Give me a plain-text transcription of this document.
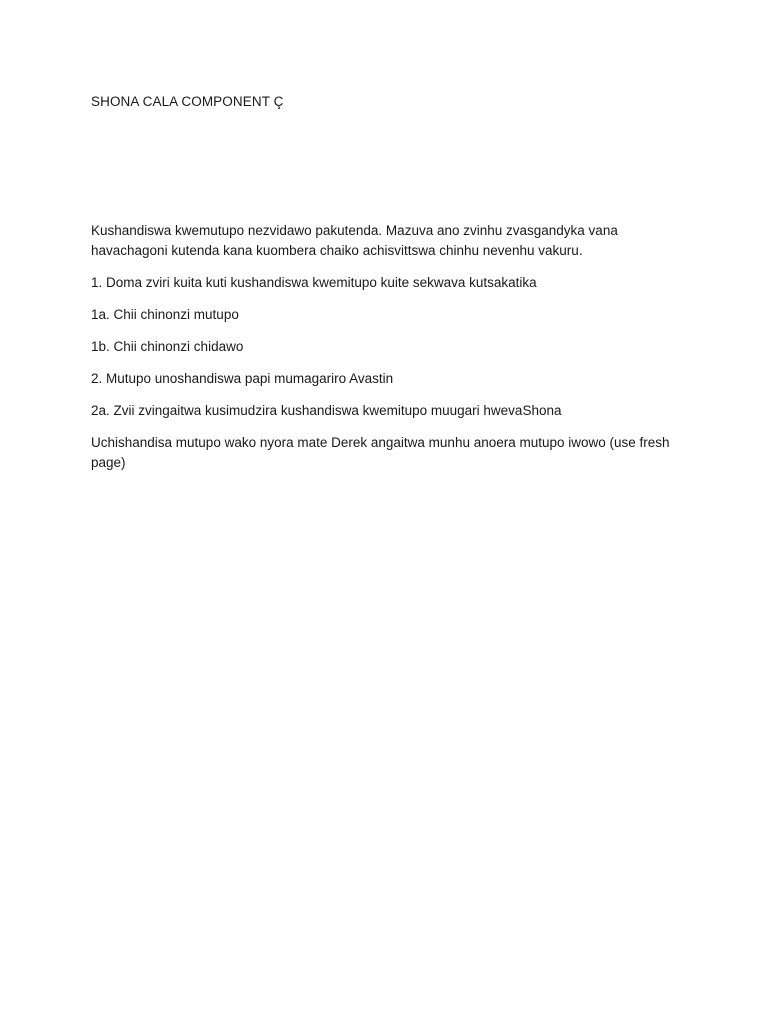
SHONA CALA COMPONENT Ç

Kushandiswa kwemutupo nezvidawo pakutenda. Mazuva ano zvinhu zvasgandyka vana havachagoni kutenda kana kuombera chaiko achisvittswa chinhu nevenhu vakuru.

1. Doma zviri kuita kuti kushandiswa kwemitupo kuite sekwava kutsakatika

1a. Chii chinonzi mutupo

1b. Chii chinonzi chidawo

2. Mutupo unoshandiswa papi mumagariro Avastin

2a. Zvii zvingaitwa kusimudzira kushandiswa kwemitupo muugari hwevaShona

Uchishandisa mutupo wako nyora mate Derek angaitwa munhu anoera mutupo iwowo (use fresh page)
